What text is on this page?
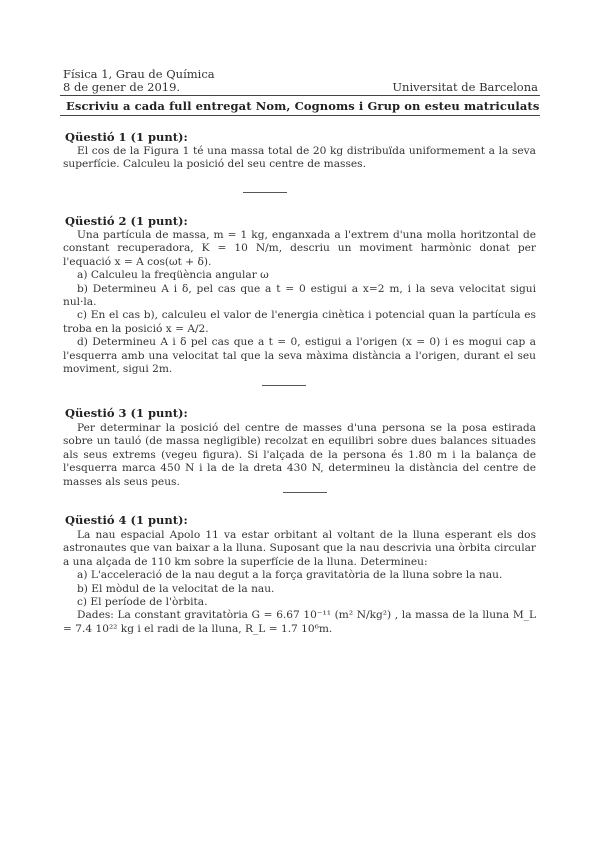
Física 1, Grau de Química
8 de gener de 2019.	Universitat de Barcelona
Escriviu a cada full entregat Nom, Cognoms i Grup on esteu matriculats
Qüestió 1 (1 punt):

El cos de la Figura 1 té una massa total de 20 kg distribuïda uniformement a la seva superfície. Calculeu la posició del seu centre de masses.

Qüestió 2 (1 punt):

Una partícula de massa, m = 1 kg, enganxada a l'extrem d'una molla horitzontal de constant recuperadora, K = 10 N/m, descriu un moviment harmònic donat per l'equació x = A cos(ωt + δ).

a) Calculeu la freqüència angular ω

b) Determineu A i δ, pel cas que a t = 0 estigui a x=2 m, i la seva velocitat sigui nul·la.

c) En el cas b), calculeu el valor de l'energia cinètica i potencial quan la partícula es troba en la posició x = A/2.

d) Determineu A i δ pel cas que a t = 0, estigui a l'origen (x = 0) i es mogui cap a l'esquerra amb una velocitat tal que la seva màxima distància a l'origen, durant el seu moviment, sigui 2m.

Qüestió 3 (1 punt):

Per determinar la posició del centre de masses d'una persona se la posa estirada sobre un tauló (de massa negligible) recolzat en equilibri sobre dues balances situades als seus extrems (vegeu figura). Si l'alçada de la persona és 1.80 m i la balança de l'esquerra marca 450 N i la de la dreta 430 N, determineu la distància del centre de masses als seus peus.

Qüestió 4 (1 punt):

La nau espacial Apolo 11 va estar orbitant al voltant de la lluna esperant els dos astronautes que van baixar a la lluna. Suposant que la nau descrivia una òrbita circular a una alçada de 110 km sobre la superfície de la lluna. Determineu:

a) L'acceleració de la nau degut a la força gravitatòria de la lluna sobre la nau.

b) El mòdul de la velocitat de la nau.

c) El període de l'òrbita.

Dades: La constant gravitatòria G = 6.67 10⁻¹¹ (m² N/kg²) , la massa de la lluna M_L = 7.4 10²² kg i el radi de la lluna, R_L = 1.7 10⁶m.
